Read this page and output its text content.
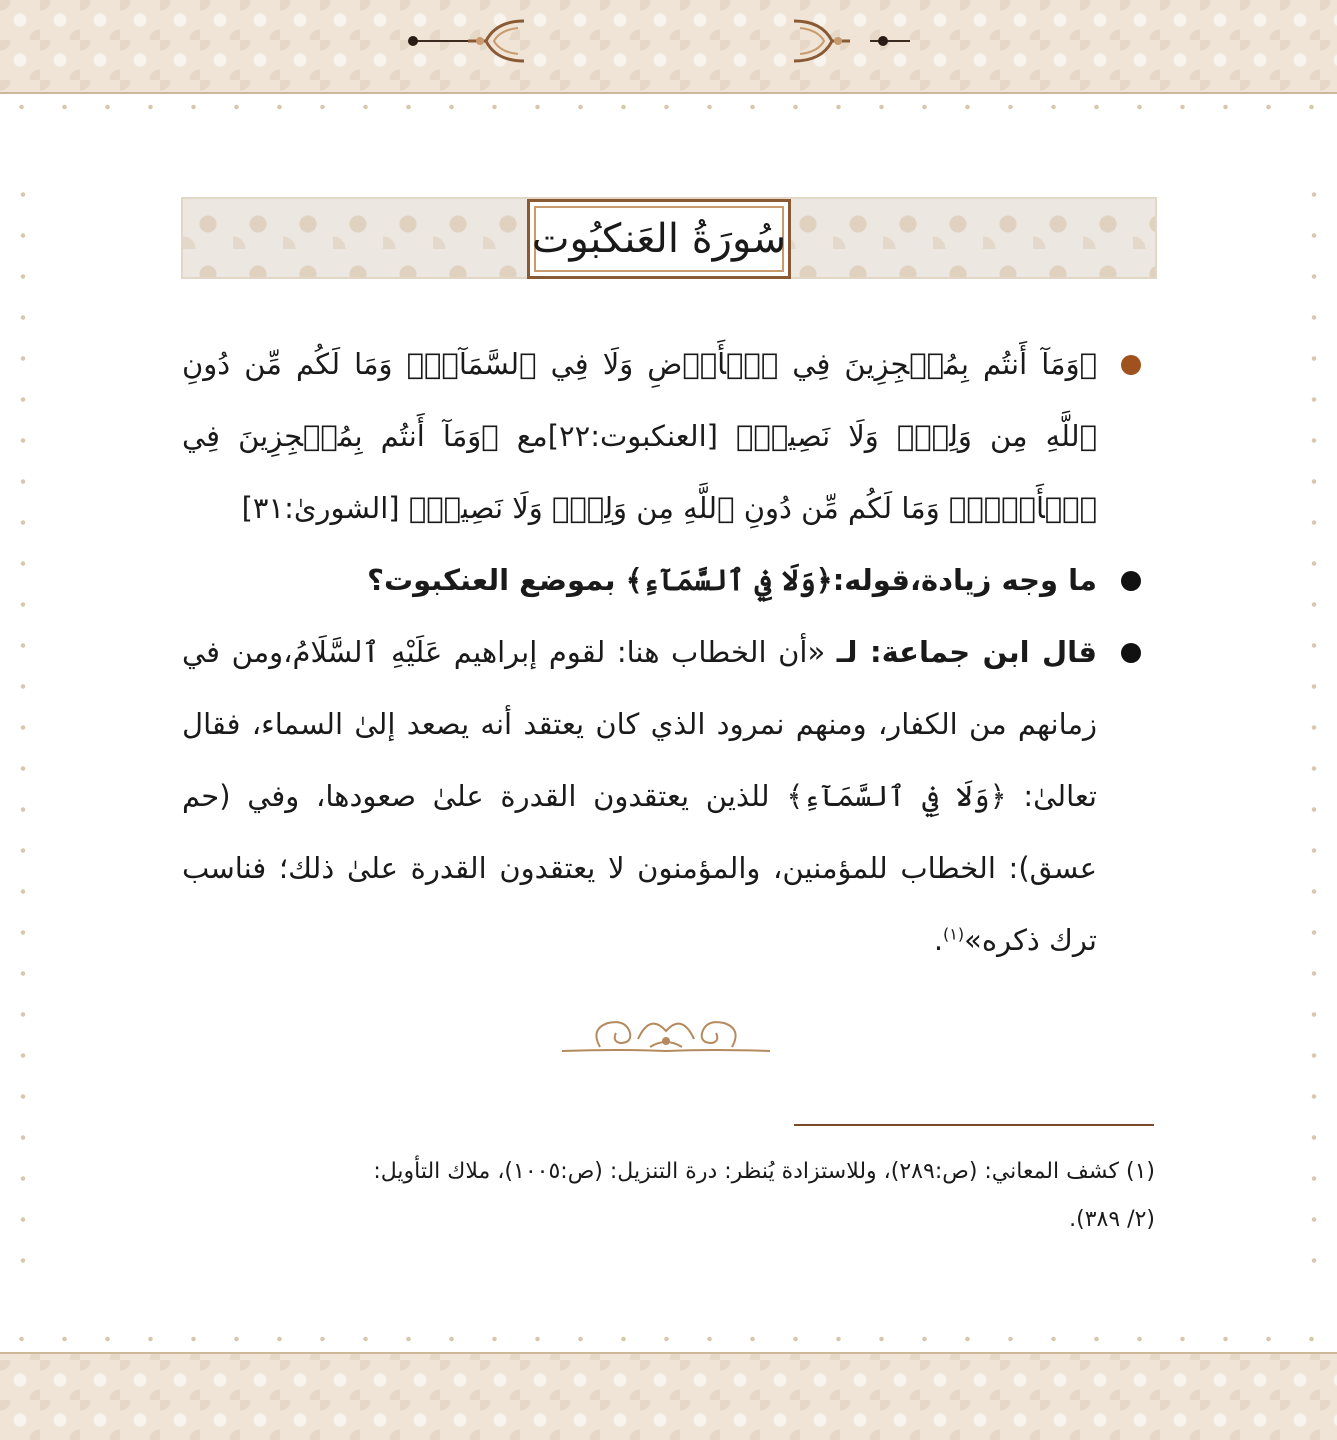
سُورَةُ العَنكبُوت
﴿وَمَآ أَنتُم بِمُعۡجِزِينَ فِي ٱلۡأَرۡضِ وَلَا فِي ٱلسَّمَآءِۖ وَمَا لَكُم مِّن دُونِ ٱللَّهِ مِن وَلِيّٖ وَلَا نَصِيرٖ﴾ [العنكبوت:٢٢]مع ﴿وَمَآ أَنتُم بِمُعۡجِزِينَ فِي ٱلۡأَرۡضِۖ وَمَا لَكُم مِّن دُونِ ٱللَّهِ مِن وَلِيّٖ وَلَا نَصِيرٖ﴾ [الشورىٰ:٣١]
ما وجه زيادة،قوله:﴿وَلَا فِي ٱلسَّمَآءِ﴾ بموضع العنكبوت؟
قال ابن جماعة: لـ «أن الخطاب هنا: لقوم إبراهيم عَلَيْهِ ٱلسَّلَامُ،ومن في زمانهم من الكفار، ومنهم نمرود الذي كان يعتقد أنه يصعد إلىٰ السماء، فقال تعالىٰ: ﴿وَلَا فِي ٱلسَّمَآءِ﴾ للذين يعتقدون القدرة علىٰ صعودها، وفي (حم عسق): الخطاب للمؤمنين، والمؤمنون لا يعتقدون القدرة علىٰ ذلك؛ فناسب ترك ذكره»$^{(١)}$.
(١) كشف المعاني: (ص:٢٨٩)، وللاستزادة يُنظر: درة التنزيل: (ص:١٠٠٥)، ملاك التأويل:
(٢/ ٣٨٩).
